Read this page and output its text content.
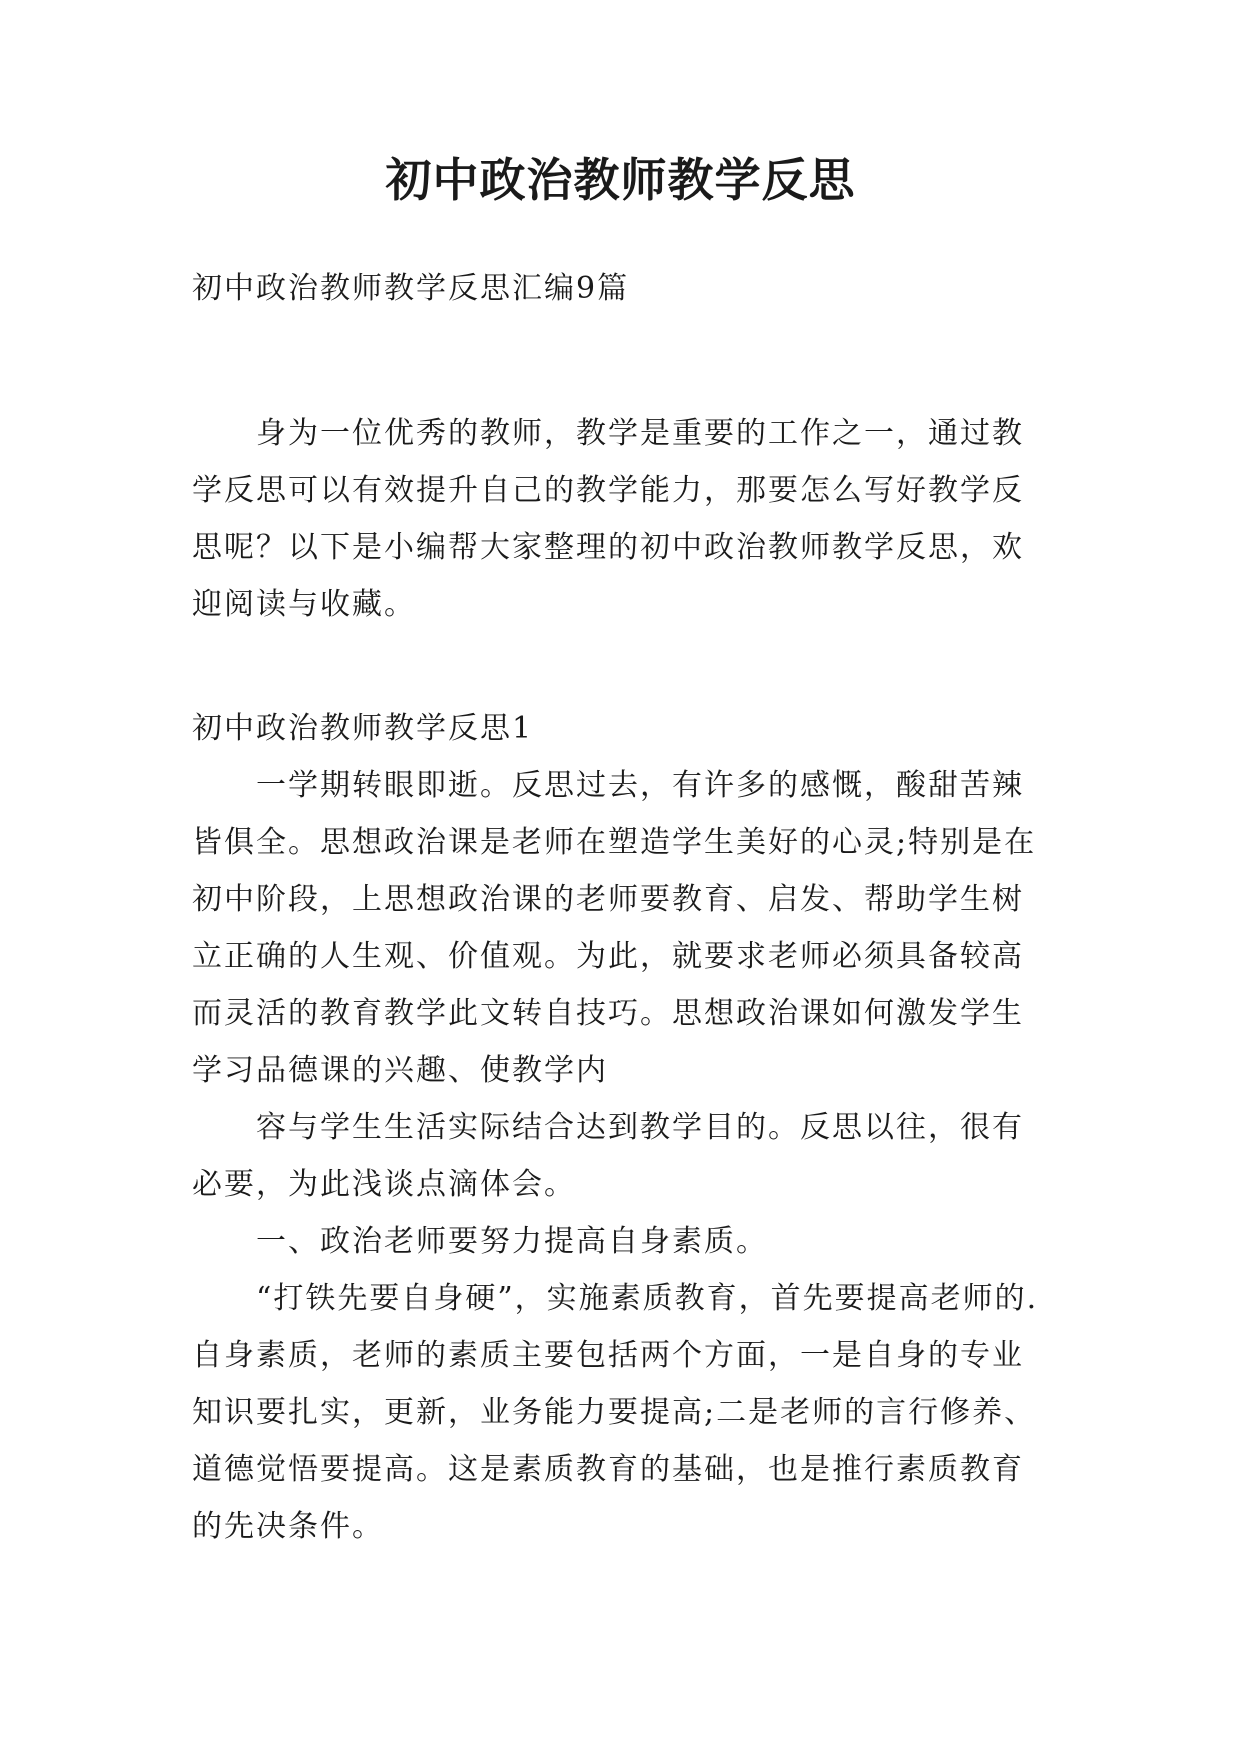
初中政治教师教学反思

初中政治教师教学反思汇编9篇

身为一位优秀的教师，教学是重要的工作之一，通过教学反思可以有效提升自己的教学能力，那要怎么写好教学反思呢？以下是小编帮大家整理的初中政治教师教学反思，欢迎阅读与收藏。

初中政治教师教学反思1

一学期转眼即逝。反思过去，有许多的感慨，酸甜苦辣皆俱全。思想政治课是老师在塑造学生美好的心灵;特别是在初中阶段，上思想政治课的老师要教育、启发、帮助学生树立正确的人生观、价值观。为此，就要求老师必须具备较高而灵活的教育教学此文转自技巧。思想政治课如何激发学生学习品德课的兴趣、使教学内

容与学生生活实际结合达到教学目的。反思以往，很有必要，为此浅谈点滴体会。

一、政治老师要努力提高自身素质。

“打铁先要自身硬”，实施素质教育，首先要提高老师的.自身素质，老师的素质主要包括两个方面，一是自身的专业知识要扎实，更新，业务能力要提高;二是老师的言行修养、道德觉悟要提高。这是素质教育的基础，也是推行素质教育的先决条件。
